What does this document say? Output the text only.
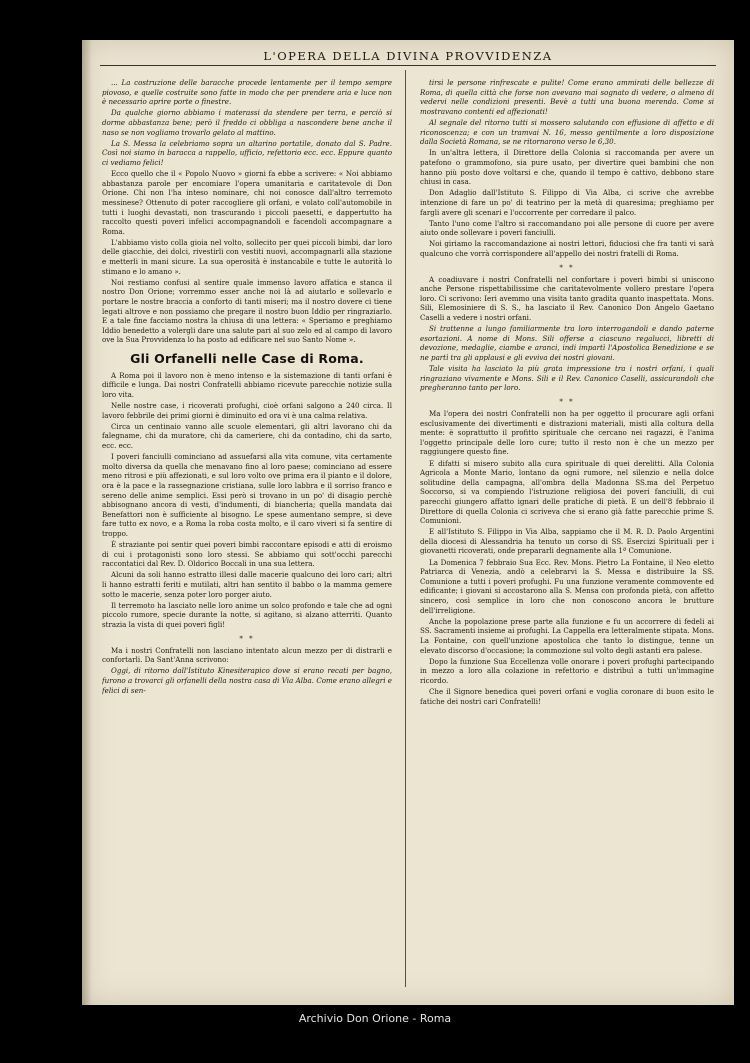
L'OPERA DELLA DIVINA PROVVIDENZA

... La costruzione delle baracche procede lentamente per il tempo sempre piovoso, e quelle costruite sono fatte in modo che per prendere aria e luce non è necessario aprire porte o finestre.

Da qualche giorno abbiamo i materassi da stendere per terra, e perciò si dorme abbastanza bene; però il freddo ci obbliga a nascondere bene anche il naso se non vogliamo trovarlo gelato al mattino.

La S. Messa la celebriamo sopra un altarino portatile, donato dal S. Padre. Così noi siamo in baracca a rappello, ufficio, refettorio ecc. ecc. Eppure quanto ci vediamo felici!

Ecco quello che il « Popolo Nuovo » giorni fa ebbe a scrivere: « Noi abbiamo abbastanza parole per encomiare l'opera umanitaria e caritatevole di Don Orione. Chi non l'ha inteso nominare, chi noi conosce dall'altro terremoto messinese? Ottenuto di poter raccogliere gli orfani, e volato coll'automobile in tutti i luoghi devastati, non trascurando i piccoli paesetti, e dappertutto ha raccolto questi poveri infelici accompagnandoli e facendoli accompagnare a Roma.

L'abbiamo visto colla gioia nel volto, sollecito per quei piccoli bimbi, dar loro delle giacchie, dei dolci, rivestirli con vestiti nuovi, accompagnarli alla stazione e metterli in mani sicure. La sua operosità è instancabile e tutte le autorità lo stimano e lo amano ».

Noi restiamo confusi al sentire quale immenso lavoro affatica e stanca il nostro Don Orione; vorremmo esser anche noi là ad aiutarlo e sollevarlo e portare le nostre braccia a conforto di tanti miseri; ma il nostro dovere ci tiene legati altrove e non possiamo che pregare il nostro buon Iddio per ringraziarlo. E a tale fine facciamo nostra la chiusa di una lettera: « Speriamo e preghiamo Iddio benedetto a volergli dare una salute pari al suo zelo ed al campo di lavoro ove la Sua Provvidenza lo ha posto ad edificare nel suo Santo Nome ».

Gli Orfanelli nelle Case di Roma.

A Roma poi il lavoro non è meno intenso e la sistemazione di tanti orfani è difficile e lunga. Dai nostri Confratelli abbiamo ricevute parecchie notizie sulla loro vita.

Nelle nostre case, i ricoverati profughi, cioè orfani salgono a 240 circa. Il lavoro febbrile dei primi giorni è diminuito ed ora vi è una calma relativa.

Circa un centinaio vanno alle scuole elementari, gli altri lavorano chi da falegname, chi da muratore, chi da cameriere, chi da contadino, chi da sarto, ecc. ecc.

I poveri fanciulli cominciano ad assuefarsi alla vita comune, vita certamente molto diversa da quella che menavano fino al loro paese; cominciano ad essere meno ritrosi e più affezionati, e sul loro volto ove prima era il pianto e il dolore, ora è la pace e la rassegnazione cristiana, sulle loro labbra e il sorriso franco e sereno delle anime semplici. Essi però si trovano in un po' di disagio perchè abbisognano ancora di vesti, d'indumenti, di biancheria; quella mandata dai Benefattori non è sufficiente al bisogno. Le spese aumentano sempre, si deve fare tutto ex novo, e a Roma la roba costa molto, e il caro viveri si fa sentire di troppo.

È straziante poi sentir quei poveri bimbi raccontare episodi e atti di eroismo di cui i protagonisti sono loro stessi. Se abbiamo qui sott'occhi parecchi raccontatici dal Rev. D. Oldorico Boccali in una sua lettera.

Alcuni da soli hanno estratto illesi dalle macerie qualcuno dei loro cari; altri li hanno estratti feriti e mutilati, altri han sentito il babbo o la mamma gemere sotto le macerie, senza poter loro porger aiuto.

Il terremoto ha lasciato nelle loro anime un solco profondo e tale che ad ogni piccolo rumore, specie durante la notte, si agitano, si alzano atterriti. Quanto strazia la vista di quei poveri figli!

* *

Ma i nostri Confratelli non lasciano intentato alcun mezzo per di distrarli e confortarli. Da Sant'Anna scrivono:

Oggi, di ritorno dall'Istituto Kinesiterapico dove si erano recati per bagno, furono a trovarci gli orfanelli della nostra casa di Via Alba. Come erano allegri e felici di sen-

tirsi le persone rinfrescate e pulite! Come erano ammirati delle bellezze di Roma, di quella città che forse non avevano mai sognato di vedere, o almeno di vedervi nelle condizioni presenti. Bevè a tutti una buona merenda. Come si mostravano contenti ed affezionati!

Al segnale del ritorno tutti si mossero salutando con effusione di affetto e di riconoscenza; e con un tramvai N. 16, messo gentilmente a loro disposizione dalla Società Romana, se ne ritornarono verso le 6,30.

In un'altra lettera, il Direttore della Colonia si raccomanda per avere un patefono o grammofono, sia pure usato, per divertire quei bambini che non hanno più posto dove voltarsi e che, quando il tempo è cattivo, debbono stare chiusi in casa.

Don Adaglio dall'Istituto S. Filippo di Via Alba, ci scrive che avrebbe intenzione di fare un po' di teatrino per la metà di quaresima; preghiamo per fargli avere gli scenari e l'occorrente per corredare il palco.

Tanto l'uno come l'altro si raccomandano poi alle persone di cuore per avere aiuto onde sollevare i poveri fanciulli.

Noi giriamo la raccomandazione ai nostri lettori, fiduciosi che fra tanti vi sarà qualcuno che vorrà corrispondere all'appello dei nostri fratelli di Roma.

* *

A coadiuvare i nostri Confratelli nel confortare i poveri bimbi si uniscono anche Persone rispettabilissime che caritatevolmente vollero prestare l'opera loro. Ci scrivono: Ieri avemmo una visita tanto gradita quanto inaspettata. Mons. Sili, Elemosiniere di S. S., ha lasciato il Rev. Canonico Don Angelo Gaetano Caselli a vedere i nostri orfani.

Si trattenne a lungo familiarmente tra loro interrogandoli e dando paterne esortazioni. A nome di Mons. Sili offerse a ciascuno regalucci, libretti di devozione, medaglie, ciambe e aranci, indi impartì l'Apostolica Benedizione e se ne partì tra gli applausi e gli evviva dei nostri giovani.

Tale visita ha lasciato la più grata impressione tra i nostri orfani, i quali ringraziano vivamente e Mons. Sili e il Rev. Canonico Caselli, assicurandoli che pregheranno tanto per loro.

* *

Ma l'opera dei nostri Confratelli non ha per oggetto il procurare agli orfani esclusivamente dei divertimenti e distrazioni materiali, misti alla coltura della mente: è soprattutto il profitto spirituale che cercano nei ragazzi, è l'anima l'oggetto principale delle loro cure; tutto il resto non è che un mezzo per raggiungere questo fine.

E difatti si misero subito alla cura spirituale di quei derelitti. Alla Colonia Agricola a Monte Mario, lontano da ogni rumore, nel silenzio e nella dolce solitudine della campagna, all'ombra della Madonna SS.ma del Perpetuo Soccorso, si va compiendo l'istruzione religiosa dei poveri fanciulli, di cui parecchi giungero affatto ignari delle pratiche di pietà. E un dell'8 febbraio il Direttore di quella Colonia ci scriveva che si erano già fatte parecchie prime S. Comunioni.

E all'Istituto S. Filippo in Via Alba, sappiamo che il M. R. D. Paolo Argentini della diocesi di Alessandria ha tenuto un corso di SS. Esercizi Spirituali per i giovanetti ricoverati, onde prepararli degnamente alla 1ª Comunione.

La Domenica 7 febbraio Sua Ecc. Rev. Mons. Pietro La Fontaine, il Neo eletto Patriarca di Venezia, andò a celebrarvi la S. Messa e distribuire la SS. Comunione a tutti i poveri profughi. Fu una funzione veramente commovente ed edificante; i giovani si accostarono alla S. Mensa con profonda pietà, con affetto sincero, così semplice in loro che non conoscono ancora le brutture dell'irreligione.

Anche la popolazione prese parte alla funzione e fu un accorrere di fedeli ai SS. Sacramenti insieme ai profughi. La Cappella era letteralmente stipata. Mons. La Fontaine, con quell'unzione apostolica che tanto lo distingue, tenne un elevato discorso d'occasione; la commozione sul volto degli astanti era palese.

Dopo la funzione Sua Eccellenza volle onorare i poveri profughi partecipando in mezzo a loro alla colazione in refettorio e distribuì a tutti un'immagine ricordo.

Che il Signore benedica quei poveri orfani e voglia coronare di buon esito le fatiche dei nostri cari Confratelli!

Archivio Don Orione - Roma
